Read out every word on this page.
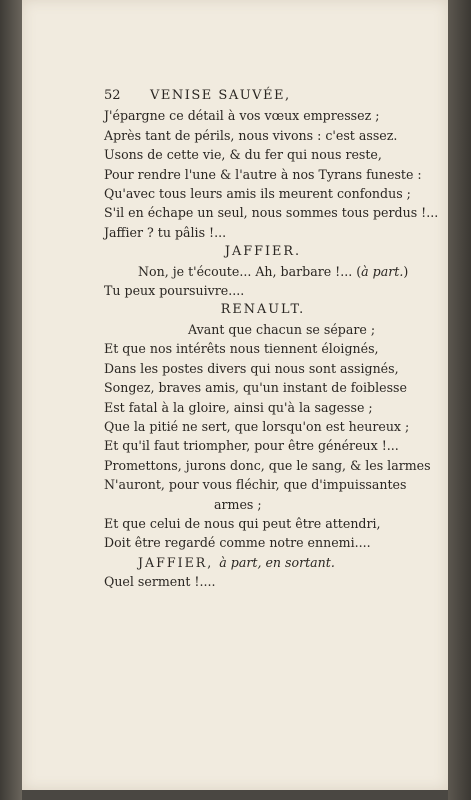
52	VENISE SAUVÉE,
J'épargne ce détail à vos vœux empressez ;
Après tant de périls, nous vivons : c'est assez.
Usons de cette vie, & du fer qui nous reste,
Pour rendre l'une & l'autre à nos Tyrans funeste :
Qu'avec tous leurs amis ils meurent confondus ;
S'il en échape un seul, nous sommes tous perdus !...
Jaffier ? tu pâlis !...
JAFFIER.
Non, je t'écoute... Ah, barbare !... (à part.)
Tu peux poursuivre....
RENAULT.
Avant que chacun se sépare ;
Et que nos intérêts nous tiennent éloignés,
Dans les postes divers qui nous sont assignés,
Songez, braves amis, qu'un instant de foiblesse
Est fatal à la gloire, ainsi qu'à la sagesse ;
Que la pitié ne sert, que lorsqu'on est heureux ;
Et qu'il faut triompher, pour être généreux !...
Promettons, jurons donc, que le sang, & les larmes
N'auront, pour vous fléchir, que d'impuissantes
armes ;
Et que celui de nous qui peut être attendri,
Doit être regardé comme notre ennemi....
JAFFIER, à part, en sortant.
Quel serment !....
